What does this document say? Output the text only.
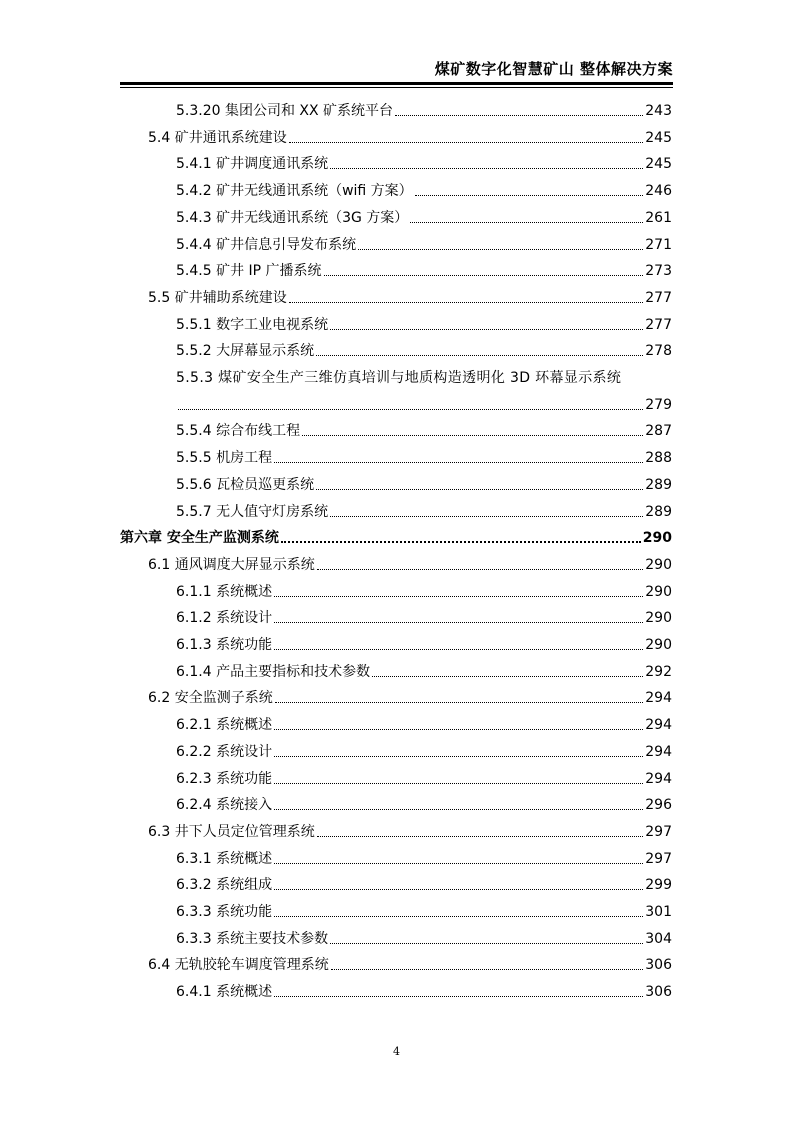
煤矿数字化智慧矿山 整体解决方案
5.3.20 集团公司和 XX 矿系统平台	243
5.4 矿井通讯系统建设	245
5.4.1 矿井调度通讯系统	245
5.4.2 矿井无线通讯系统（wifi 方案）	246
5.4.3 矿井无线通讯系统（3G 方案）	261
5.4.4 矿井信息引导发布系统	271
5.4.5 矿井 IP 广播系统	273
5.5 矿井辅助系统建设	277
5.5.1 数字工业电视系统	277
5.5.2 大屏幕显示系统	278
5.5.3 煤矿安全生产三维仿真培训与地质构造透明化 3D 环幕显示系统
279
5.5.4 综合布线工程	287
5.5.5 机房工程	288
5.5.6 瓦检员巡更系统	289
5.5.7 无人值守灯房系统	289
第六章 安全生产监测系统	290
6.1 通风调度大屏显示系统	290
6.1.1 系统概述	290
6.1.2 系统设计	290
6.1.3 系统功能	290
6.1.4 产品主要指标和技术参数	292
6.2 安全监测子系统	294
6.2.1 系统概述	294
6.2.2 系统设计	294
6.2.3 系统功能	294
6.2.4 系统接入	296
6.3 井下人员定位管理系统	297
6.3.1 系统概述	297
6.3.2 系统组成	299
6.3.3 系统功能	301
6.3.3 系统主要技术参数	304
6.4 无轨胶轮车调度管理系统	306
6.4.1 系统概述	306
4
